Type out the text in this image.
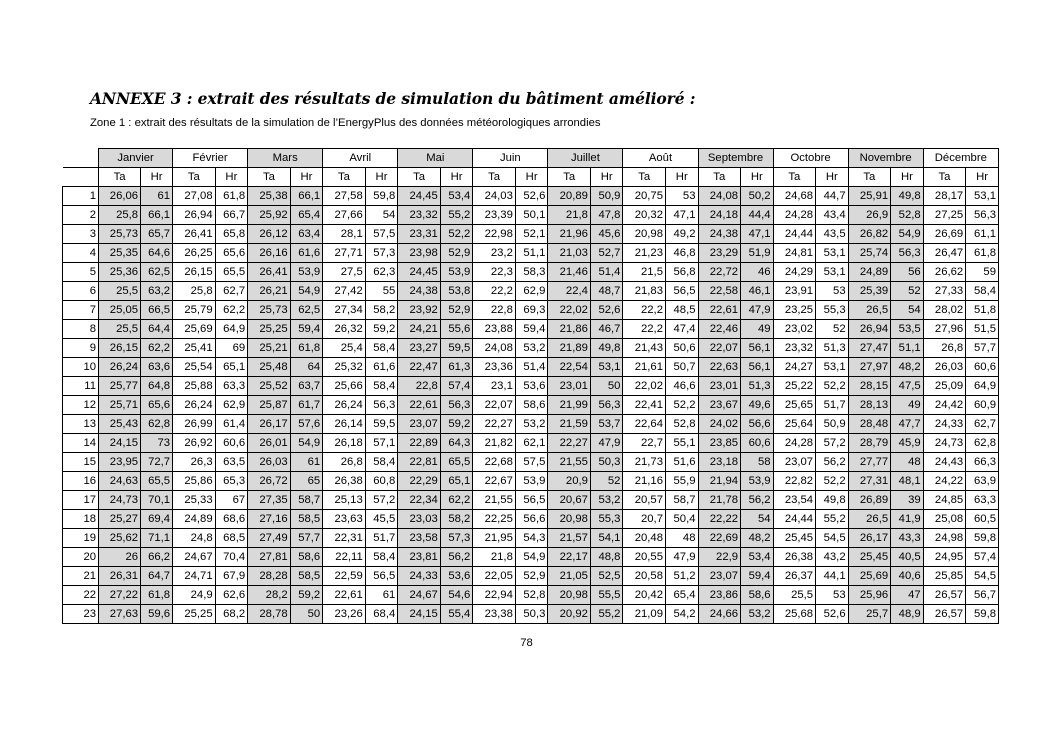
ANNEXE 3 : extrait des résultats de simulation du bâtiment amélioré :
Zone 1 : extrait des résultats de la simulation de l’EnergyPlus des données météorologiques arrondies
	Janvier		Février		Mars		Avril		Mai		Juin		Juillet		Août		Septembre		Octobre		Novembre		Décembre	
	Ta	Hr	Ta	Hr	Ta	Hr	Ta	Hr	Ta	Hr	Ta	Hr	Ta	Hr	Ta	Hr	Ta	Hr	Ta	Hr	Ta	Hr	Ta	Hr
1	26,06	61	27,08	61,8	25,38	66,1	27,58	59,8	24,45	53,4	24,03	52,6	20,89	50,9	20,75	53	24,08	50,2	24,68	44,7	25,91	49,8	28,17	53,1
2	25,8	66,1	26,94	66,7	25,92	65,4	27,66	54	23,32	55,2	23,39	50,1	21,8	47,8	20,32	47,1	24,18	44,4	24,28	43,4	26,9	52,8	27,25	56,3
3	25,73	65,7	26,41	65,8	26,12	63,4	28,1	57,5	23,31	52,2	22,98	52,1	21,96	45,6	20,98	49,2	24,38	47,1	24,44	43,5	26,82	54,9	26,69	61,1
4	25,35	64,6	26,25	65,6	26,16	61,6	27,71	57,3	23,98	52,9	23,2	51,1	21,03	52,7	21,23	46,8	23,29	51,9	24,81	53,1	25,74	56,3	26,47	61,8
5	25,36	62,5	26,15	65,5	26,41	53,9	27,5	62,3	24,45	53,9	22,3	58,3	21,46	51,4	21,5	56,8	22,72	46	24,29	53,1	24,89	56	26,62	59
6	25,5	63,2	25,8	62,7	26,21	54,9	27,42	55	24,38	53,8	22,2	62,9	22,4	48,7	21,83	56,5	22,58	46,1	23,91	53	25,39	52	27,33	58,4
7	25,05	66,5	25,79	62,2	25,73	62,5	27,34	58,2	23,92	52,9	22,8	69,3	22,02	52,6	22,2	48,5	22,61	47,9	23,25	55,3	26,5	54	28,02	51,8
8	25,5	64,4	25,69	64,9	25,25	59,4	26,32	59,2	24,21	55,6	23,88	59,4	21,86	46,7	22,2	47,4	22,46	49	23,02	52	26,94	53,5	27,96	51,5
9	26,15	62,2	25,41	69	25,21	61,8	25,4	58,4	23,27	59,5	24,08	53,2	21,89	49,8	21,43	50,6	22,07	56,1	23,32	51,3	27,47	51,1	26,8	57,7
10	26,24	63,6	25,54	65,1	25,48	64	25,32	61,6	22,47	61,3	23,36	51,4	22,54	53,1	21,61	50,7	22,63	56,1	24,27	53,1	27,97	48,2	26,03	60,6
11	25,77	64,8	25,88	63,3	25,52	63,7	25,66	58,4	22,8	57,4	23,1	53,6	23,01	50	22,02	46,6	23,01	51,3	25,22	52,2	28,15	47,5	25,09	64,9
12	25,71	65,6	26,24	62,9	25,87	61,7	26,24	56,3	22,61	56,3	22,07	58,6	21,99	56,3	22,41	52,2	23,67	49,6	25,65	51,7	28,13	49	24,42	60,9
13	25,43	62,8	26,99	61,4	26,17	57,6	26,14	59,5	23,07	59,2	22,27	53,2	21,59	53,7	22,64	52,8	24,02	56,6	25,64	50,9	28,48	47,7	24,33	62,7
14	24,15	73	26,92	60,6	26,01	54,9	26,18	57,1	22,89	64,3	21,82	62,1	22,27	47,9	22,7	55,1	23,85	60,6	24,28	57,2	28,79	45,9	24,73	62,8
15	23,95	72,7	26,3	63,5	26,03	61	26,8	58,4	22,81	65,5	22,68	57,5	21,55	50,3	21,73	51,6	23,18	58	23,07	56,2	27,77	48	24,43	66,3
16	24,63	65,5	25,86	65,3	26,72	65	26,38	60,8	22,29	65,1	22,67	53,9	20,9	52	21,16	55,9	21,94	53,9	22,82	52,2	27,31	48,1	24,22	63,9
17	24,73	70,1	25,33	67	27,35	58,7	25,13	57,2	22,34	62,2	21,55	56,5	20,67	53,2	20,57	58,7	21,78	56,2	23,54	49,8	26,89	39	24,85	63,3
18	25,27	69,4	24,89	68,6	27,16	58,5	23,63	45,5	23,03	58,2	22,25	56,6	20,98	55,3	20,7	50,4	22,22	54	24,44	55,2	26,5	41,9	25,08	60,5
19	25,62	71,1	24,8	68,5	27,49	57,7	22,31	51,7	23,58	57,3	21,95	54,3	21,57	54,1	20,48	48	22,69	48,2	25,45	54,5	26,17	43,3	24,98	59,8
20	26	66,2	24,67	70,4	27,81	58,6	22,11	58,4	23,81	56,2	21,8	54,9	22,17	48,8	20,55	47,9	22,9	53,4	26,38	43,2	25,45	40,5	24,95	57,4
21	26,31	64,7	24,71	67,9	28,28	58,5	22,59	56,5	24,33	53,6	22,05	52,9	21,05	52,5	20,58	51,2	23,07	59,4	26,37	44,1	25,69	40,6	25,85	54,5
22	27,22	61,8	24,9	62,6	28,2	59,2	22,61	61	24,67	54,6	22,94	52,8	20,98	55,5	20,42	65,4	23,86	58,6	25,5	53	25,96	47	26,57	56,7
23	27,63	59,6	25,25	68,2	28,78	50	23,26	68,4	24,15	55,4	23,38	50,3	20,92	55,2	21,09	54,2	24,66	53,2	25,68	52,6	25,7	48,9	26,57	59,8
78
